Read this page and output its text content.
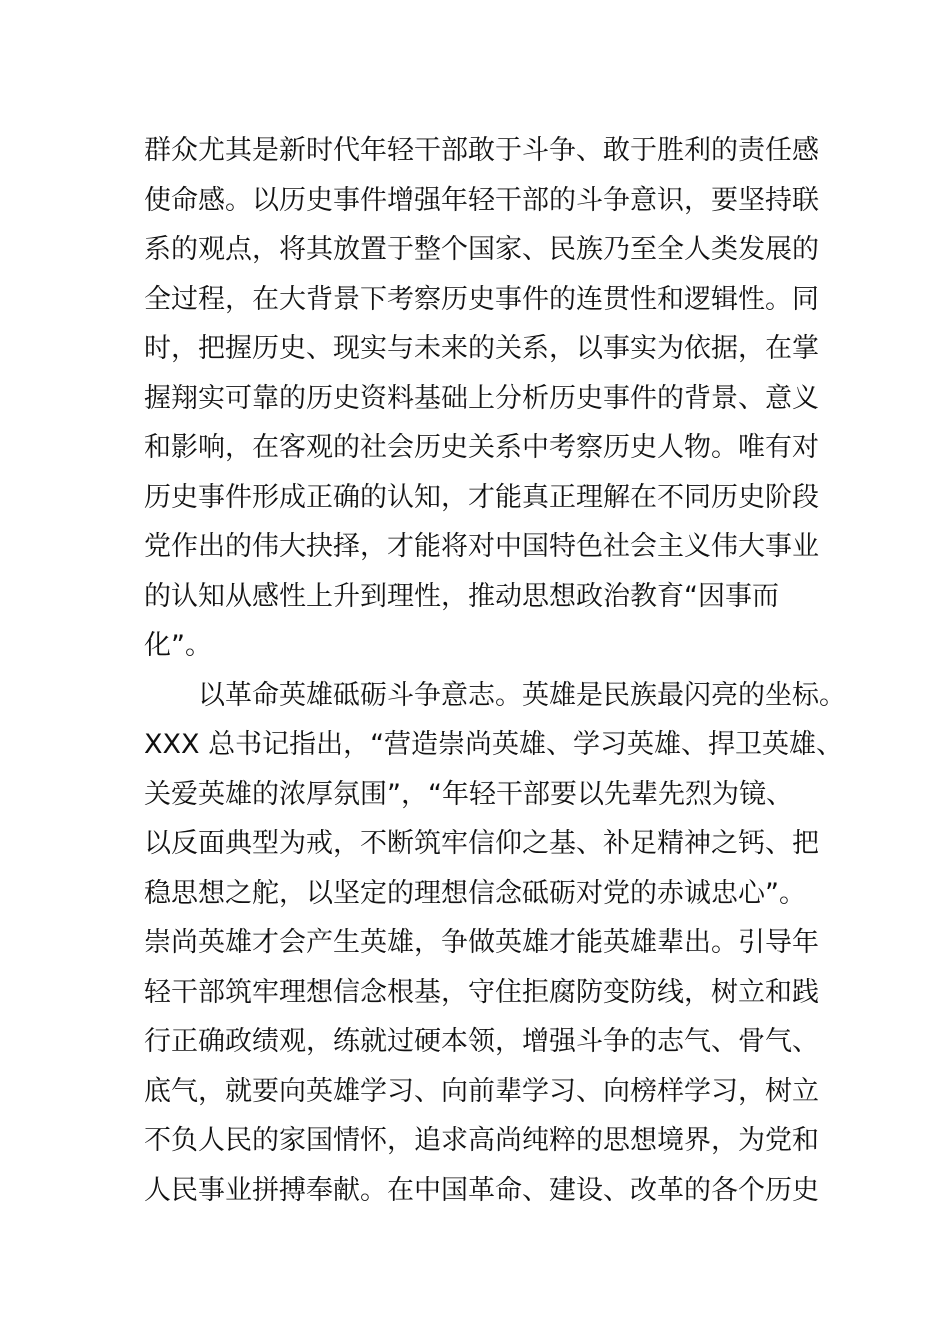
群众尤其是新时代年轻干部敢于斗争、敢于胜利的责任感
使命感。以历史事件增强年轻干部的斗争意识，要坚持联
系的观点，将其放置于整个国家、民族乃至全人类发展的
全过程，在大背景下考察历史事件的连贯性和逻辑性。同
时，把握历史、现实与未来的关系，以事实为依据，在掌
握翔实可靠的历史资料基础上分析历史事件的背景、意义
和影响，在客观的社会历史关系中考察历史人物。唯有对
历史事件形成正确的认知，才能真正理解在不同历史阶段
党作出的伟大抉择，才能将对中国特色社会主义伟大事业
的认知从感性上升到理性，推动思想政治教育“因事而
化”。
以革命英雄砥砺斗争意志。英雄是民族最闪亮的坐标。
XXX 总书记指出，“营造崇尚英雄、学习英雄、捍卫英雄、
关爱英雄的浓厚氛围”，“年轻干部要以先辈先烈为镜、
以反面典型为戒，不断筑牢信仰之基、补足精神之钙、把
稳思想之舵，以坚定的理想信念砥砺对党的赤诚忠心”。
崇尚英雄才会产生英雄，争做英雄才能英雄辈出。引导年
轻干部筑牢理想信念根基，守住拒腐防变防线，树立和践
行正确政绩观，练就过硬本领，增强斗争的志气、骨气、
底气，就要向英雄学习、向前辈学习、向榜样学习，树立
不负人民的家国情怀，追求高尚纯粹的思想境界，为党和
人民事业拼搏奉献。在中国革命、建设、改革的各个历史
